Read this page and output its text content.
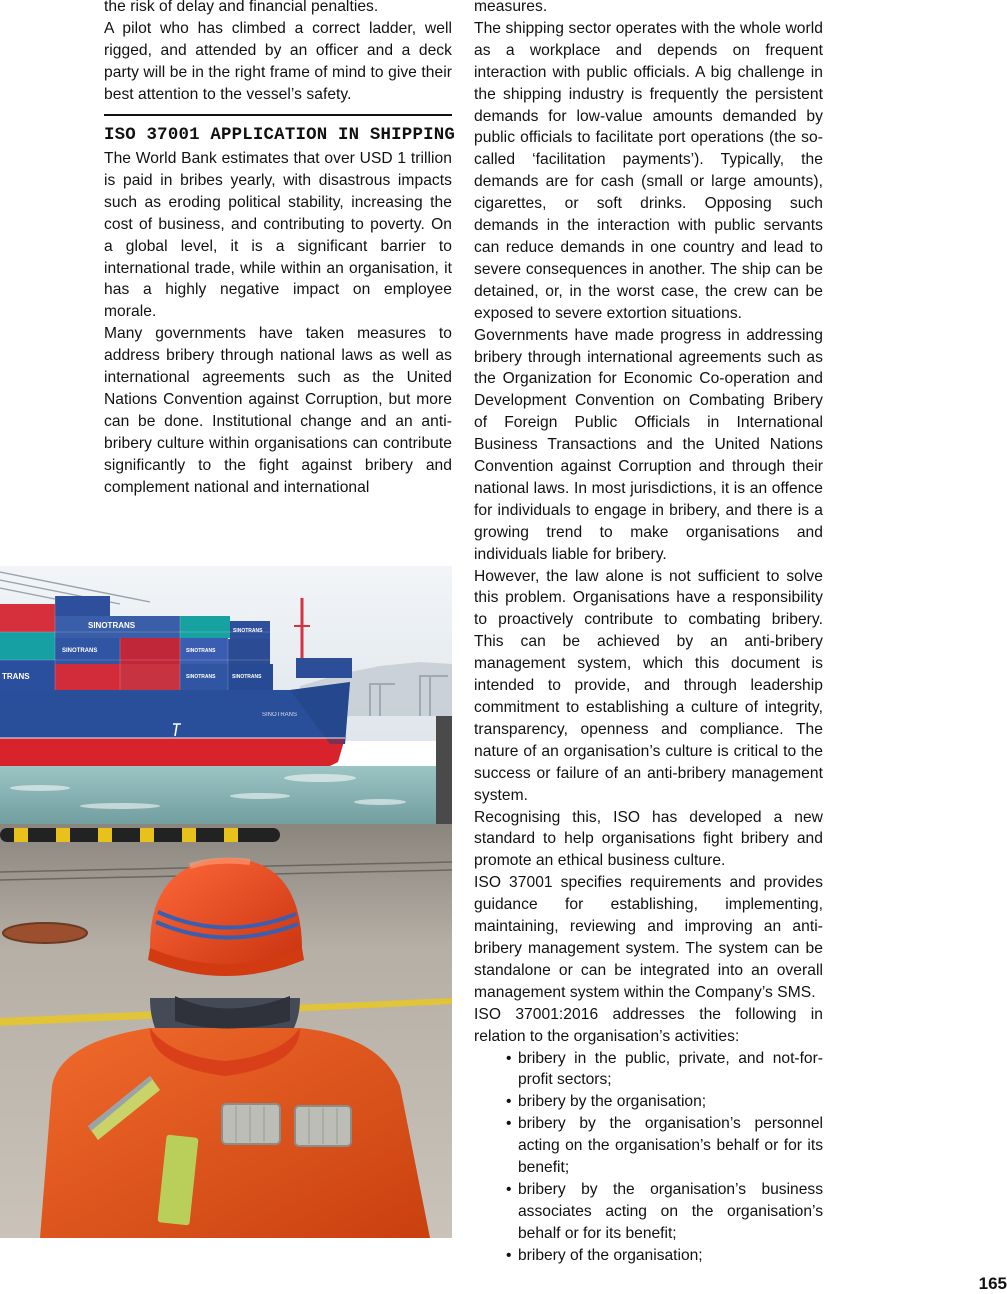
the risk of delay and financial penalties.

A pilot who has climbed a correct ladder, well rigged, and attended by an officer and a deck party will be in the right frame of mind to give their best attention to the vessel’s safety.

ISO 37001 APPLICATION IN SHIPPING

The World Bank estimates that over USD 1 trillion is paid in bribes yearly, with disastrous impacts such as eroding political stability, increasing the cost of business, and contributing to poverty. On a global level, it is a significant barrier to international trade, while within an organisation, it has a highly negative impact on employee morale.

Many governments have taken measures to address bribery through national laws as well as international agreements such as the United Nations Convention against Corruption, but more can be done. Institutional change and an anti-bribery culture within organisations can contribute significantly to the fight against bribery and complement national and international

measures.

The shipping sector operates with the whole world as a workplace and depends on frequent interaction with public officials. A big challenge in the shipping industry is frequently the persistent demands for low-value amounts demanded by public officials to facilitate port operations (the so-called ‘facilitation payments’). Typically, the demands are for cash (small or large amounts), cigarettes, or soft drinks. Opposing such demands in the interaction with public servants can reduce demands in one country and lead to severe consequences in another. The ship can be detained, or, in the worst case, the crew can be exposed to severe extortion situations.

Governments have made progress in addressing bribery through international agreements such as the Organization for Economic Co-operation and Development Convention on Combating Bribery of Foreign Public Officials in International Business Transactions and the United Nations Convention against Corruption and through their national laws. In most jurisdictions, it is an offence for individuals to engage in bribery, and there is a growing trend to make organisations and individuals liable for bribery.

However, the law alone is not sufficient to solve this problem. Organisations have a responsibility to proactively contribute to combating bribery. This can be achieved by an anti-bribery management system, which this document is intended to provide, and through leadership commitment to establishing a culture of integrity, transparency, openness and compliance. The nature of an organisation’s culture is critical to the success or failure of an anti-bribery management system.

Recognising this, ISO has developed a new standard to help organisations fight bribery and promote an ethical business culture.

ISO 37001 specifies requirements and provides guidance for establishing, implementing, maintaining, reviewing and improving an anti-bribery management system. The system can be standalone or can be integrated into an overall management system within the Company’s SMS.

ISO 37001:2016 addresses the following in relation to the organisation’s activities:

• bribery in the public, private, and not-for-profit sectors;
• bribery by the organisation;
• bribery by the organisation’s personnel acting on the organisation’s behalf or for its benefit;
• bribery by the organisation’s business associates acting on the organisation’s behalf or for its benefit;
• bribery of the organisation;
SINOTRANS
SINOTRANS
SINOTRANS	SINOTRANS
SINOTRANS	SINOTRANS
TRANS
SINOTRANS
165
